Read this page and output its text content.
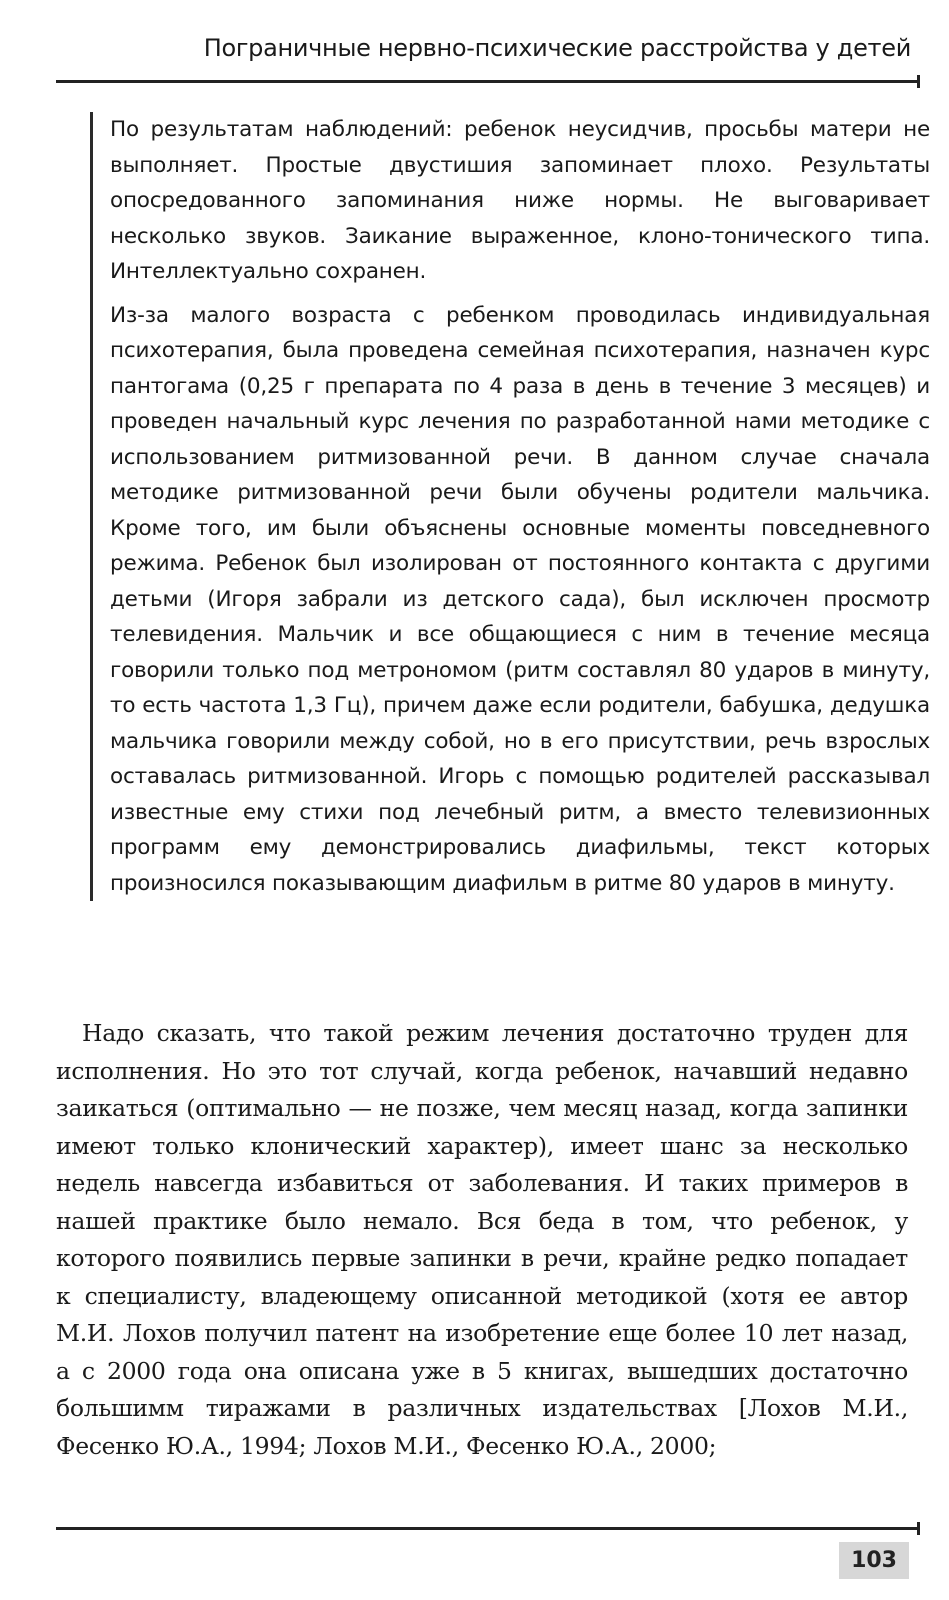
Пограничные нервно-психические расстройства у детей

По результатам наблюдений: ребенок неусидчив, просьбы матери не выполняет. Простые двустишия запоминает плохо. Результаты опосредованного запоминания ниже нормы. Не выговаривает несколько звуков. Заикание выраженное, клоно-тонического типа. Интеллектуально сохранен.

Из-за малого возраста с ребенком проводилась индивидуальная психотерапия, была проведена семейная психотерапия, назначен курс пантогама (0,25 г препарата по 4 раза в день в течение 3 месяцев) и проведен начальный курс лечения по разработанной нами методике с использованием ритмизованной речи. В данном случае сначала методике ритмизованной речи были обучены родители мальчика. Кроме того, им были объяснены основные моменты повседневного режима. Ребенок был изолирован от постоянного контакта с другими детьми (Игоря забрали из детского сада), был исключен просмотр телевидения. Мальчик и все общающиеся с ним в течение месяца говорили только под метрономом (ритм составлял 80 ударов в минуту, то есть частота 1,3 Гц), причем даже если родители, бабушка, дедушка мальчика говорили между собой, но в его присутствии, речь взрослых оставалась ритмизованной. Игорь с помощью родителей рассказывал известные ему стихи под лечебный ритм, а вместо телевизионных программ ему демонстрировались диафильмы, текст которых произносился показывающим диафильм в ритме 80 ударов в минуту.

Надо сказать, что такой режим лечения достаточно труден для исполнения. Но это тот случай, когда ребенок, начавший недавно заикаться (оптимально — не позже, чем месяц назад, когда запинки имеют только клонический характер), имеет шанс за несколько недель навсегда избавиться от заболевания. И таких примеров в нашей практике было немало. Вся беда в том, что ребенок, у которого появились первые запинки в речи, крайне редко попадает к специалисту, владеющему описанной методикой (хотя ее автор М.И. Лохов получил патент на изобретение еще более 10 лет назад, а с 2000 года она описана уже в 5 книгах, вышедших достаточно большимм тиражами в различных издательствах [Лохов М.И., Фесенко Ю.А., 1994; Лохов М.И., Фесенко Ю.А., 2000;

103
